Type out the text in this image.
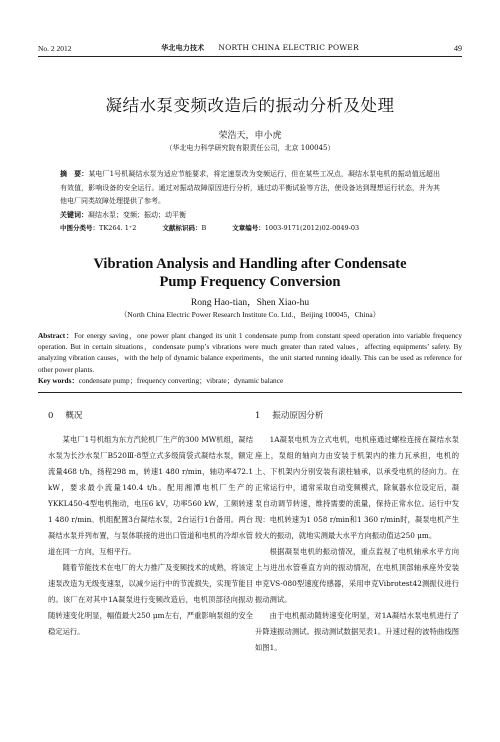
No. 2 2012	华北电力技术 NORTH CHINA ELECTRIC POWER	49
凝结水泵变频改造后的振动分析及处理
荣浩天，申小虎
（华北电力科学研究院有限责任公司，北京 100045）
摘　要：某电厂1号机凝结水泵为适应节能要求，将定速泵改为变频运行，但在某些工况点，凝结水泵电机的振动值远超出有效值，影响设备的安全运行。通过对振动故障原因进行分析，通过动平衡试验等方法，使设备达到理想运行状态，并为其他电厂同类故障处理提供了参考。
关键词：凝结水泵；变频；振动；动平衡
中图分类号：TK264. 1⁺2	文献标识码：B	文章编号：1003-9171(2012)02-0049-03
Vibration Analysis and Handling after Condensate
Pump Frequency Conversion
Rong Hao-tian，Shen Xiao-hu
（North China Electric Power Research Institute Co. Ltd.，Beijing 100045，China）
Abstract：For energy saving，one power plant changed its unit 1 condensate pump from constant speed operation into variable frequency operation. But in certain situations，condensate pump’s vibrations were much greater than rated values，affecting equipments’ safety. By analyzing vibration causes，with the help of dynamic balance experiments，the unit started running ideally. This can be used as reference for other power plants.
Key words：condensate pump；frequency converting；vibrate；dynamic balance
0 概况

某电厂1号机组为东方汽轮机厂生产的300 MW机组，凝结水泵为长沙水泵厂B520Ⅲ-8型立式多级筒袋式凝结水泵，额定流量468 t/h，扬程298 m，转速1 480 r/min，轴功率472.1 kW，要求最小流量140.4 t/h。配用湘潭电机厂生产的YKKL450-4型电机拖动，电压6 kV，功率560 kW，工频转速1 480 r/min。机组配置3台凝结水泵，2台运行1台备用。两台凝结水泵并列布置，与泵体联接的进出口管道和电机的冷却水管道在同一方向，互相平行。

随着节能技术在电厂的大力推广及变频技术的成熟，将该定速泵改造为无级变速泵，以减少运行中的节流损失，实现节能目的。该厂在对其中1A凝泵进行变频改造后，电机顶部径向振动随转速变化明显，幅值最大250 μm左右，严重影响泵组的安全稳定运行。

1 振动原因分析

1A凝泵电机为立式电机，电机座通过螺栓连接在凝结水泵座上，泵组的轴向力由安装于机架内的推力瓦承担，电机的上、下机架内分别安装有滚柱轴承，以承受电机的径向力。在正常运行中，通常采取自动变频模式，除氧器水位设定后，凝泵自动调节转速，维持需要的流量，保持正常水位。运行中发现：电机转速为1 058 r/min和1 360 r/min时，凝泵电机产生较大的振动，就地实测最大水平方向振动值达250 μm。

根据凝泵电机的振动情况，重点监视了电机轴承水平方向上与进出水管垂直方向的振动情况，在电机顶部轴承座外安装申克VS-080型速度传感器，采用申克Vibrotest42测振仪进行振动测试。

由于电机振动随转速变化明显，对1A凝结水泵电机进行了升降速振动测试。振动测试数据见表1。升速过程的波特曲线图如图1。
